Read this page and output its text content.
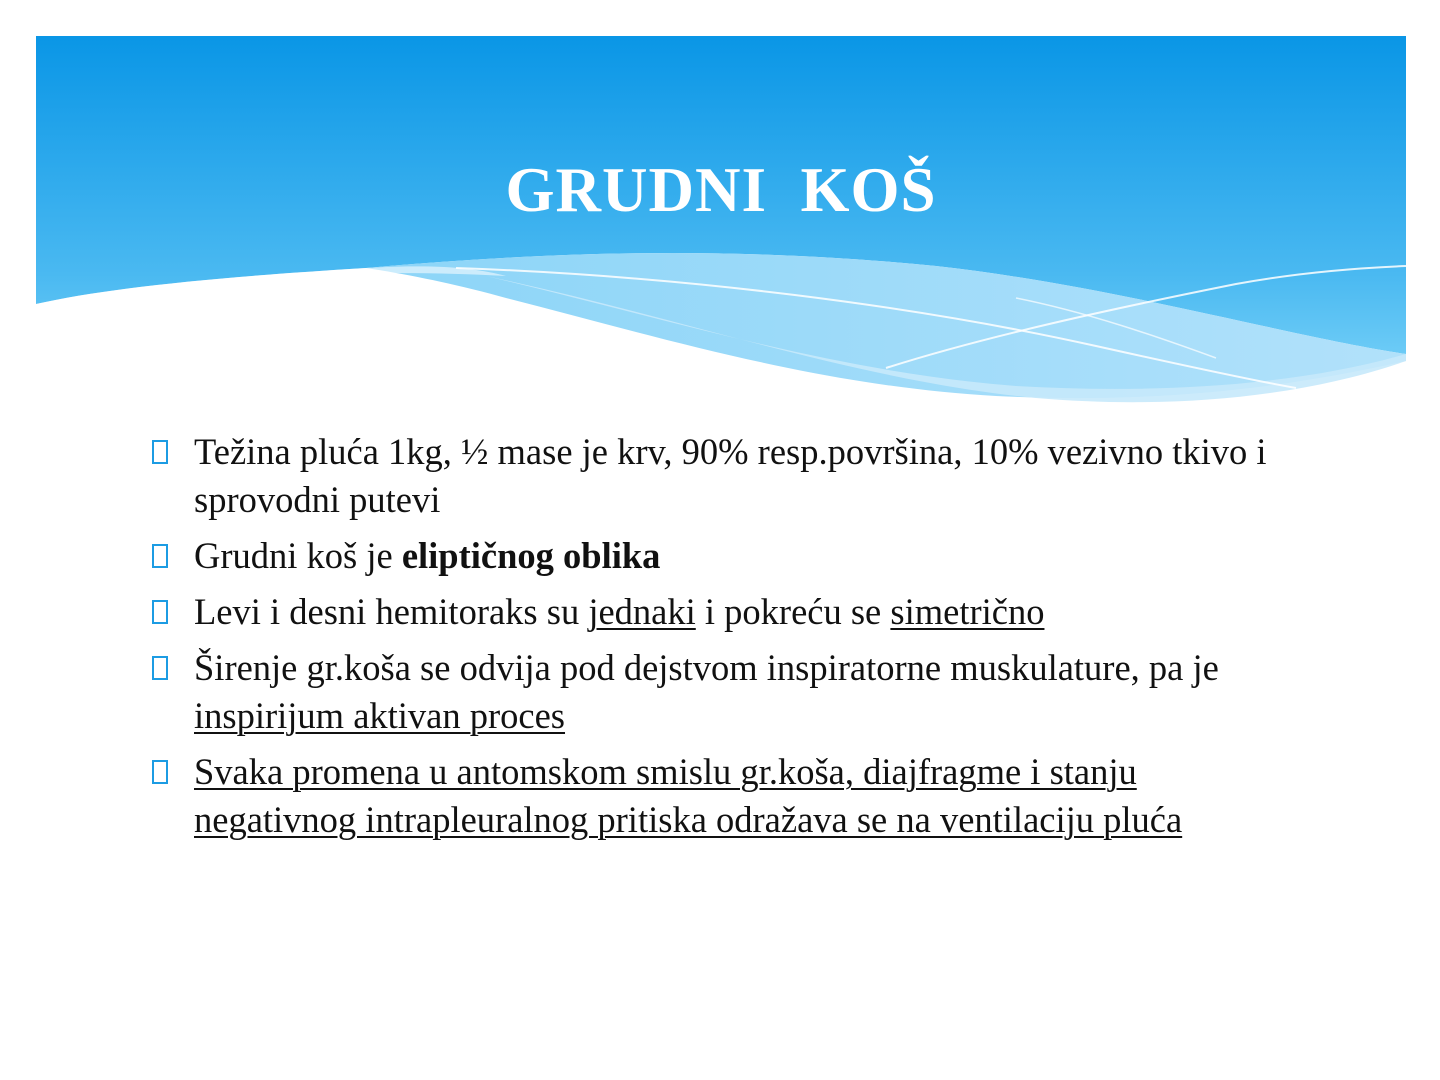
GRUDNI  KOŠ
Težina pluća 1kg, ½ mase je krv, 90% resp.površina, 10% vezivno tkivo i sprovodni putevi
Grudni koš je eliptičnog oblika
Levi i desni hemitoraks su jednaki i pokreću se simetrično
Širenje gr.koša se odvija pod dejstvom inspiratorne muskulature, pa je inspirijum aktivan proces
Svaka promena u antomskom smislu gr.koša, diajfragme i stanju negativnog intrapleuralnog pritiska odražava se na ventilaciju pluća
